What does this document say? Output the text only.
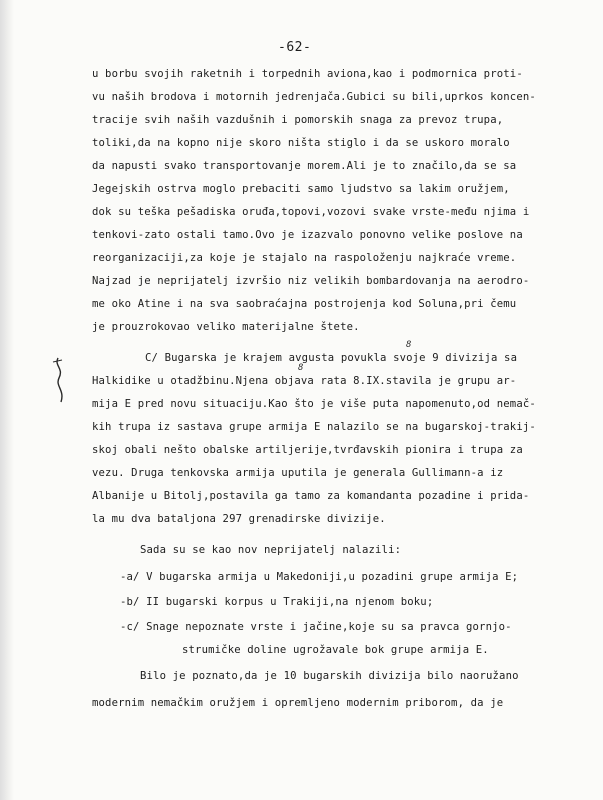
-62-
u borbu svojih raketnih i torpednih aviona,kao i podmornica proti-
vu naših brodova i motornih jedrenjača.Gubici su bili,uprkos koncen-
tracije svih naših vazdušnih i pomorskih snaga za prevoz trupa,
toliki,da na kopno nije skoro ništa stiglo i da se uskoro moralo
da napusti svako transportovanje morem.Ali je to značilo,da se sa
Jegejskih ostrva moglo prebaciti samo ljudstvo sa lakim oružjem,
dok su teška pešadiska oruđa,topovi,vozovi svake vrste-među njima i
tenkovi-zato ostali tamo.Ovo je izazvalo ponovno velike poslove na
reorganizaciji,za koje je stajalo na raspoloženju najkraće vreme.
Najzad je neprijatelj izvršio niz velikih bombardovanja na aerodro-
me oko Atine i na sva saobraćajna postrojenja kod Soluna,pri čemu
je prouzrokovao veliko materijalne štete.
8
C/ Bugarska je krajem avgusta povukla svoje 9 divizija sa
8
Halkidike u otadžbinu.Njena objava rata 8.IX.stavila je grupu ar-
mija E pred novu situaciju.Kao što je više puta napomenuto,od nemač-
kih trupa iz sastava grupe armija E nalazilo se na bugarskoj-trakij-
skoj obali nešto obalske artiljerije,tvrđavskih pionira i trupa za
vezu. Druga tenkovska armija uputila je generala Gullimann-a iz
Albanije u Bitolj,postavila ga tamo za komandanta pozadine i prida-
la mu dva bataljona 297 grenadirske divizije.
Sada su se kao nov neprijatelj nalazili:
-a/ V bugarska armija u Makedoniji,u pozadini grupe armija E;
-b/ II bugarski korpus u Trakiji,na njenom boku;
-c/ Snage nepoznate vrste i jačine,koje su sa pravca gornjo-
strumičke doline ugrožavale bok grupe armija E.
Bilo je poznato,da je 10 bugarskih divizija bilo naoružano
modernim nemačkim oružjem i opremljeno modernim priborom, da je
